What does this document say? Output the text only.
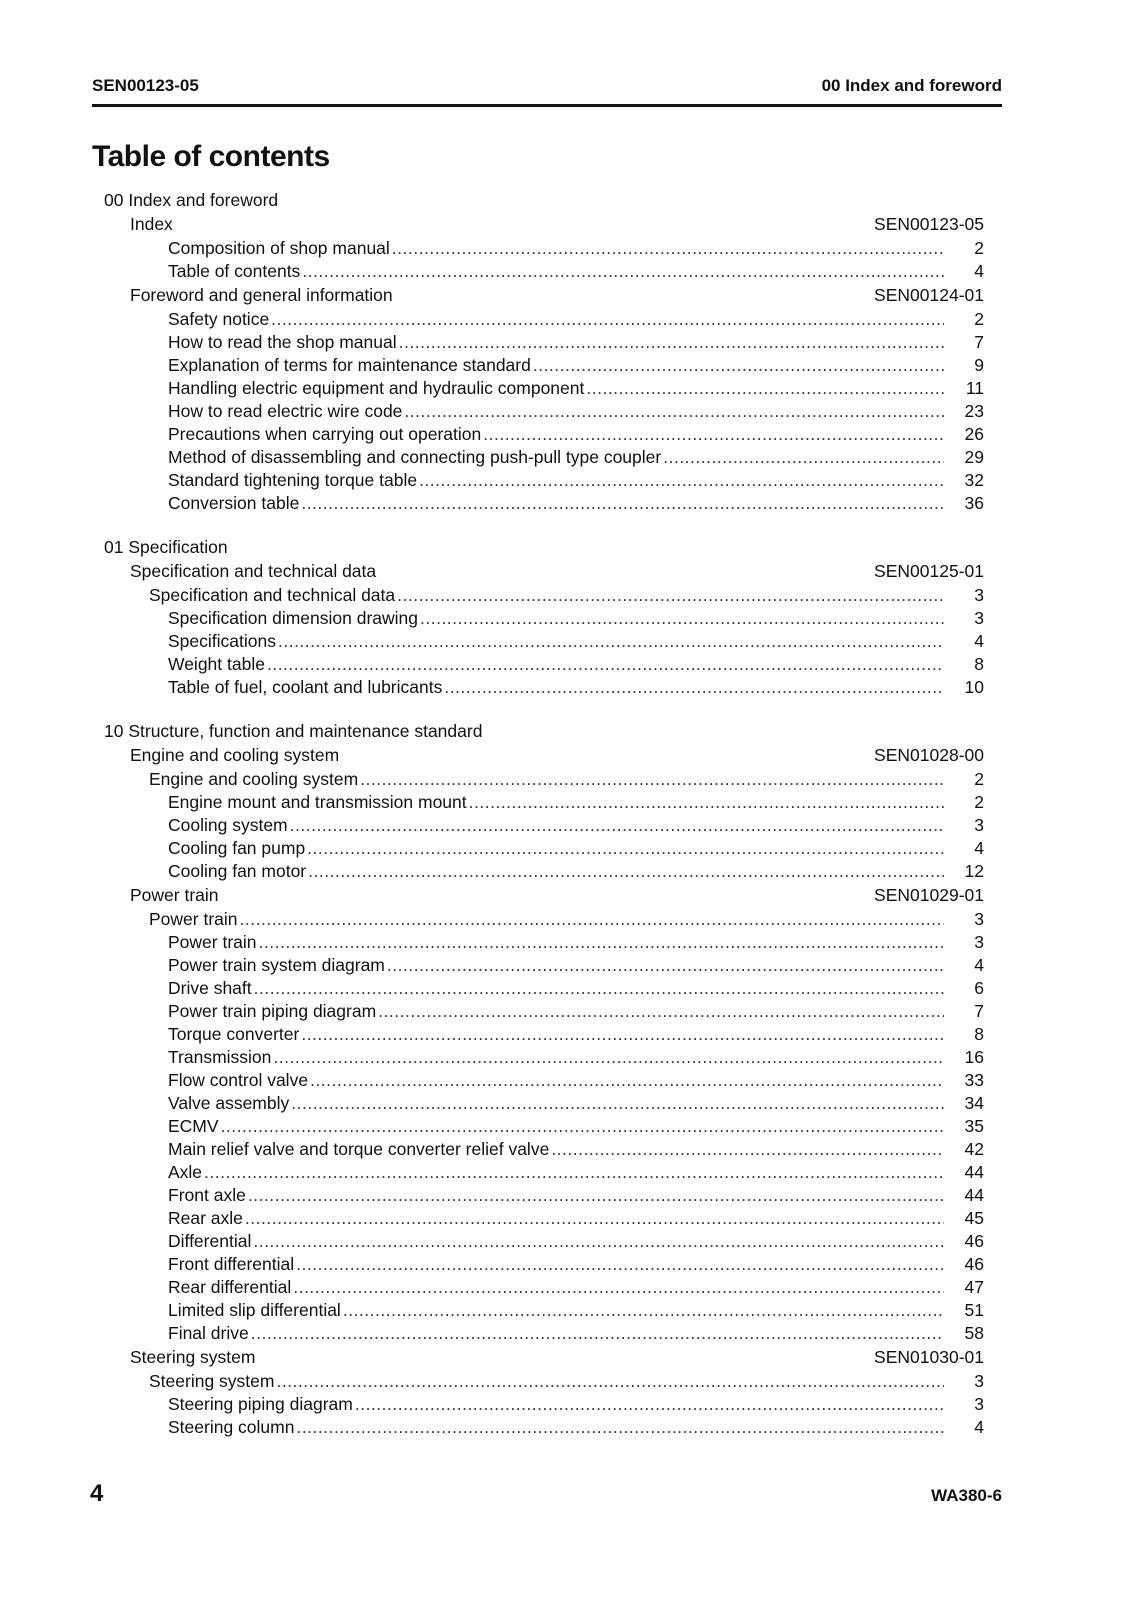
SEN00123-05	00 Index and foreword
Table of contents
00 Index and foreword
Index	SEN00123-05
Composition of shop manual .....	2
Table of contents .....	4
Foreword and general information	SEN00124-01
Safety notice .....	2
How to read the shop manual .....	7
Explanation of terms for maintenance standard .....	9
Handling electric equipment and hydraulic component .....	11
How to read electric wire code .....	23
Precautions when carrying out operation .....	26
Method of disassembling and connecting push-pull type coupler .....	29
Standard tightening torque table .....	32
Conversion table .....	36
01 Specification
Specification and technical data	SEN00125-01
Specification and technical data .....	3
Specification dimension drawing .....	3
Specifications .....	4
Weight table .....	8
Table of fuel, coolant and lubricants .....	10
10 Structure, function and maintenance standard
Engine and cooling system	SEN01028-00
Engine and cooling system .....	2
Engine mount and transmission mount .....	2
Cooling system .....	3
Cooling fan pump .....	4
Cooling fan motor .....	12
Power train	SEN01029-01
Power train .....	3
Power train .....	3
Power train system diagram .....	4
Drive shaft .....	6
Power train piping diagram .....	7
Torque converter .....	8
Transmission .....	16
Flow control valve .....	33
Valve assembly .....	34
ECMV .....	35
Main relief valve and torque converter relief valve .....	42
Axle .....	44
Front axle .....	44
Rear axle .....	45
Differential .....	46
Front differential .....	46
Rear differential .....	47
Limited slip differential .....	51
Final drive .....	58
Steering system	SEN01030-01
Steering system .....	3
Steering piping diagram .....	3
Steering column .....	4
4	WA380-6
